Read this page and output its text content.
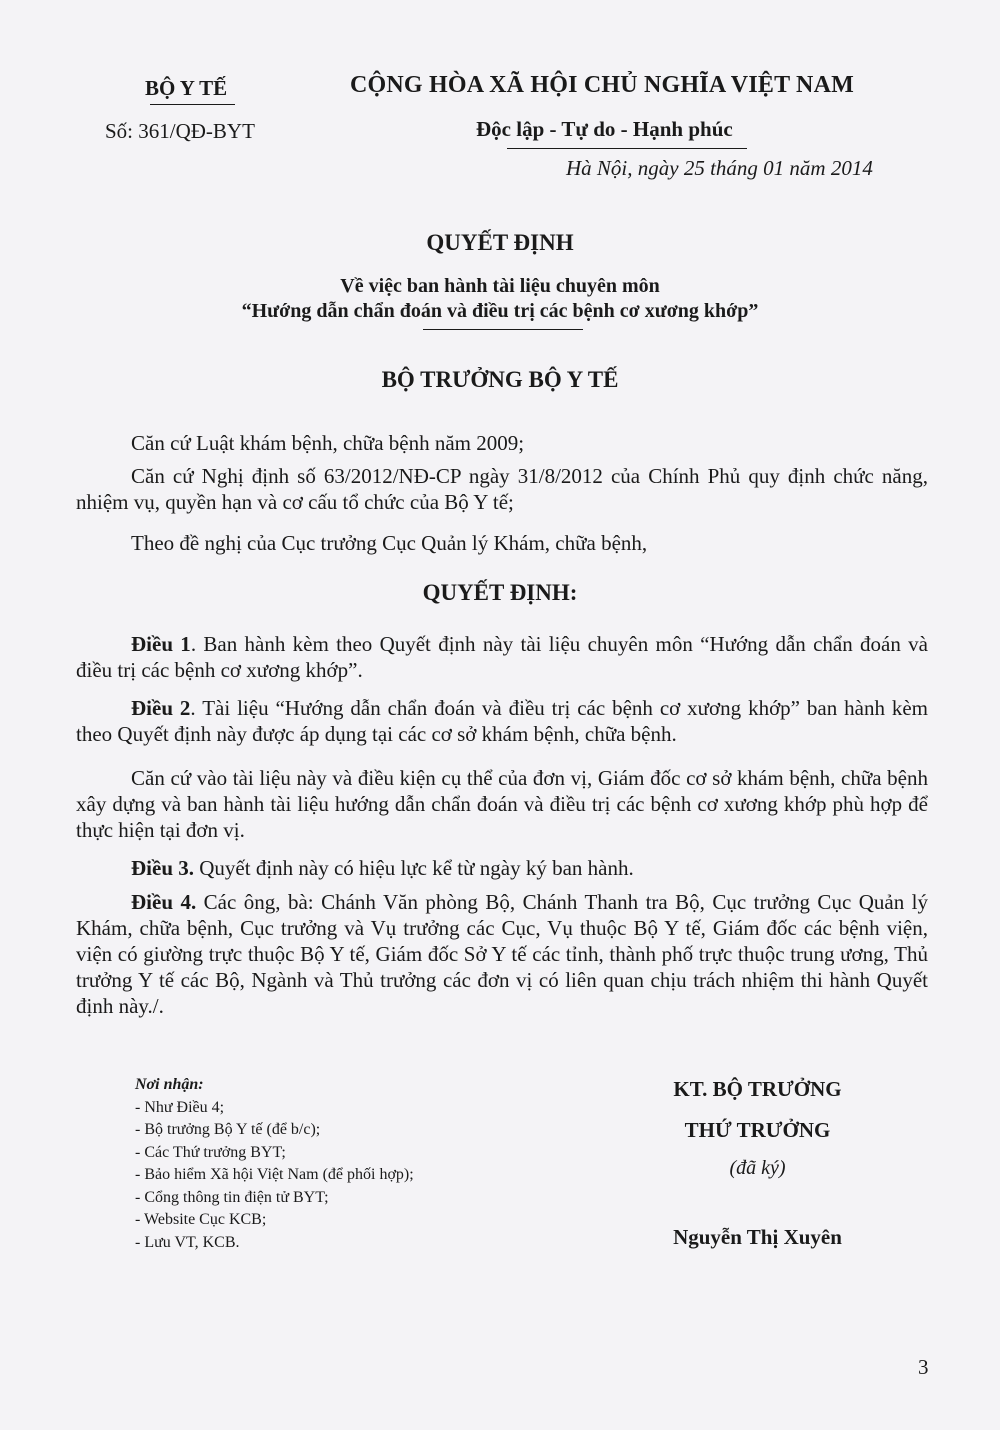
BỘ Y TẾ
Số: 361/QĐ-BYT
CỘNG HÒA XÃ HỘI CHỦ NGHĨA VIỆT NAM
Độc lập - Tự do - Hạnh phúc
Hà Nội, ngày 25 tháng 01 năm 2014
QUYẾT ĐỊNH
Về việc ban hành tài liệu chuyên môn
“Hướng dẫn chẩn đoán và điều trị các bệnh cơ xương khớp”
BỘ TRƯỞNG BỘ Y TẾ
Căn cứ Luật khám bệnh, chữa bệnh năm 2009;
Căn cứ Nghị định số 63/2012/NĐ-CP ngày 31/8/2012 của Chính Phủ quy định chức năng, nhiệm vụ, quyền hạn và cơ cấu tổ chức của Bộ Y tế;
Theo đề nghị của Cục trưởng Cục Quản lý Khám, chữa bệnh,
QUYẾT ĐỊNH:
Điều 1. Ban hành kèm theo Quyết định này tài liệu chuyên môn “Hướng dẫn chẩn đoán và điều trị các bệnh cơ xương khớp”.
Điều 2. Tài liệu “Hướng dẫn chẩn đoán và điều trị các bệnh cơ xương khớp” ban hành kèm theo Quyết định này được áp dụng tại các cơ sở khám bệnh, chữa bệnh.
Căn cứ vào tài liệu này và điều kiện cụ thể của đơn vị, Giám đốc cơ sở khám bệnh, chữa bệnh xây dựng và ban hành tài liệu hướng dẫn chẩn đoán và điều trị các bệnh cơ xương khớp phù hợp để thực hiện tại đơn vị.
Điều 3. Quyết định này có hiệu lực kể từ ngày ký ban hành.
Điều 4. Các ông, bà: Chánh Văn phòng Bộ, Chánh Thanh tra Bộ, Cục trưởng Cục Quản lý Khám, chữa bệnh, Cục trưởng và Vụ trưởng các Cục, Vụ thuộc Bộ Y tế, Giám đốc các bệnh viện, viện có giường trực thuộc Bộ Y tế, Giám đốc Sở Y tế các tỉnh, thành phố trực thuộc trung ương, Thủ trưởng Y tế các Bộ, Ngành và Thủ trưởng các đơn vị có liên quan chịu trách nhiệm thi hành Quyết định này./.
Nơi nhận:
- Như Điều 4;
- Bộ trưởng Bộ Y tế (để b/c);
- Các Thứ trưởng BYT;
- Bảo hiểm Xã hội Việt Nam (để phối hợp);
- Cổng thông tin điện tử BYT;
- Website Cục KCB;
- Lưu VT, KCB.
KT. BỘ TRƯỞNG
THỨ TRƯỞNG
(đã ký)
Nguyễn Thị Xuyên
3
